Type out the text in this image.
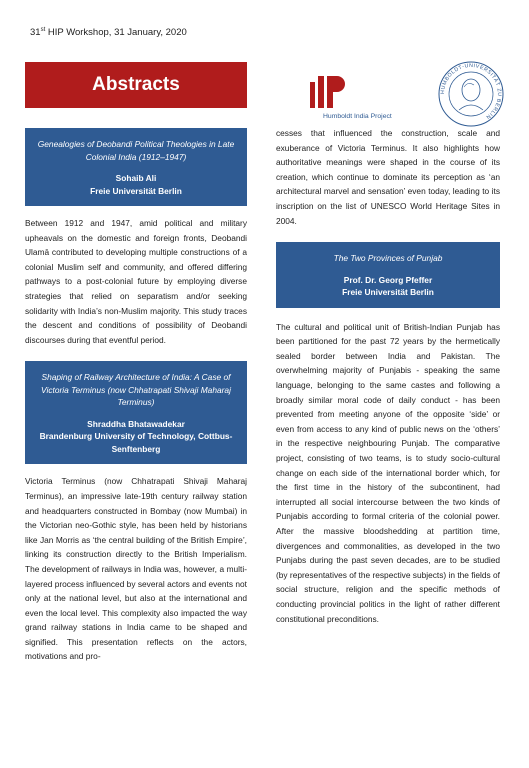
31st HIP Workshop, 31 January, 2020
Abstracts
Humboldt India Project
HUMBOLDT-UNIVERSITÄT ZU BERLIN
Genealogies of Deobandi Political Theologies in Late Colonial India (1912–1947)
Sohaib Ali
Freie Universität Berlin

Between 1912 and 1947, amid political and military upheavals on the domestic and foreign fronts, Deobandi Ulamā contributed to developing multiple constructions of a colonial Muslim self and community, and offered differing pathways to a post-colonial future by employing diverse strategies that relied on separatism and/or seeking solidarity with India’s non-Muslim majority. This study traces the descent and conditions of possibility of Deobandi discourses during that eventful period.

Shaping of Railway Architecture of India: A Case of Victoria Terminus (now Chhatrapati Shivaji Maharaj Terminus)
Shraddha Bhatawadekar
Brandenburg University of Technology, Cottbus-Senftenberg

Victoria Terminus (now Chhatrapati Shivaji Maharaj Terminus), an impressive late-19th century railway station and headquarters constructed in Bombay (now Mumbai) in the Victorian neo-Gothic style, has been held by historians like Jan Morris as ‘the central building of the British Empire’, linking its construction directly to the British Imperialism. The development of railways in India was, however, a multi-layered process influenced by several actors and events not only at the national level, but also at the international and even the local level. This complexity also impacted the way grand railway stations in India came to be shaped and signified. This presentation reflects on the actors, motivations and pro-

cesses that influenced the construction, scale and exuberance of Victoria Terminus. It also highlights how authoritative meanings were shaped in the course of its creation, which continue to dominate its perception as ‘an architectural marvel and sensation’ even today, leading to its inscription on the list of UNESCO World Heritage Sites in 2004.

The Two Provinces of Punjab
Prof. Dr. Georg Pfeffer
Freie Universität Berlin

The cultural and political unit of British-Indian Punjab has been partitioned for the past 72 years by the hermetically sealed border between India and Pakistan. The overwhelming majority of Punjabis - speaking the same language, belonging to the same castes and following a broadly similar moral code of daily conduct - has been prevented from meeting anyone of the opposite ‘side’ or even from access to any kind of public news on the ‘others’ in the respective neighbouring Punjab. The comparative project, consisting of two teams, is to study socio-cultural change on each side of the international border which, for the first time in the history of the subcontinent, had interrupted all social intercourse between the two kinds of Punjabis according to formal criteria of the colonial power. After the massive bloodshedding at partition time, divergences and commonalities, as developed in the two Punjabs during the past seven decades, are to be studied (by representatives of the respective subjects) in the fields of social structure, religion and the specific methods of conducting provincial politics in the light of rather different constitutional preconditions.
